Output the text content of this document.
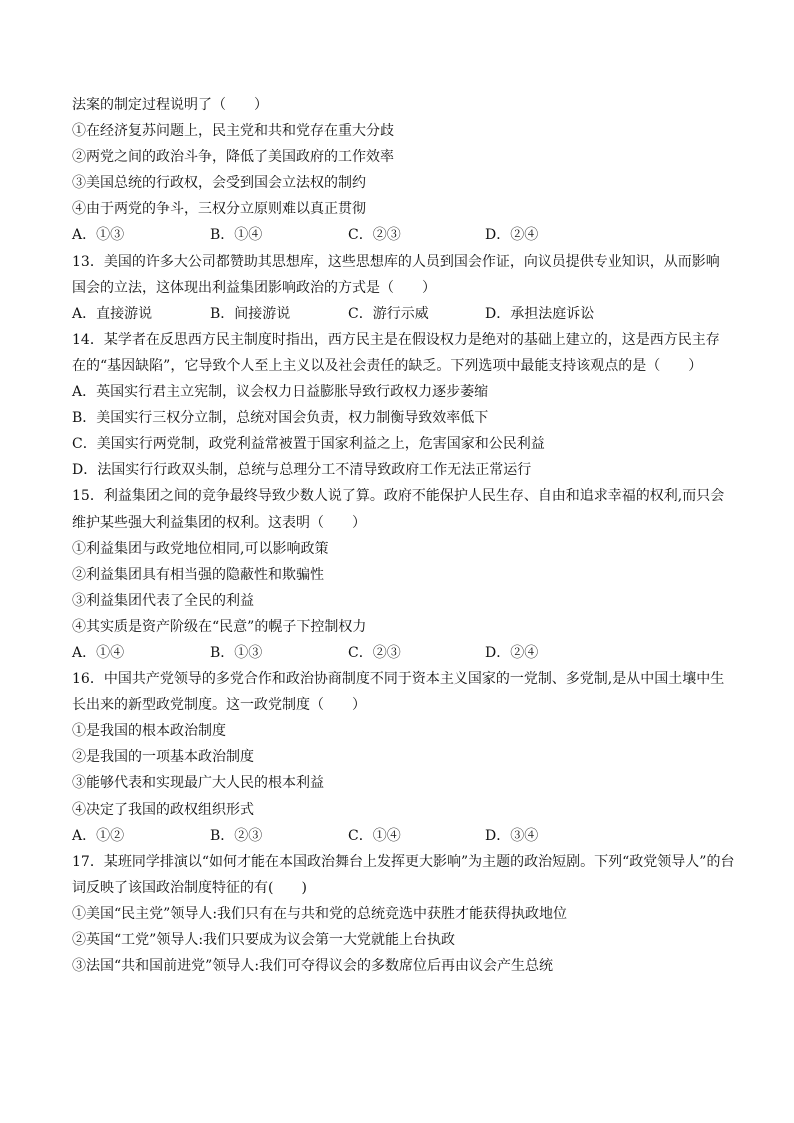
法案的制定过程说明了（　　）
①在经济复苏问题上，民主党和共和党存在重大分歧
②两党之间的政治斗争，降低了美国政府的工作效率
③美国总统的行政权，会受到国会立法权的制约
④由于两党的争斗，三权分立原则难以真正贯彻
A．①③	B．①④	C．②③	D．②④
13．美国的许多大公司都赞助其思想库，这些思想库的人员到国会作证，向议员提供专业知识，从而影响
国会的立法，这体现出利益集团影响政治的方式是（　　）
A．直接游说	B．间接游说	C．游行示威	D．承担法庭诉讼
14．某学者在反思西方民主制度时指出，西方民主是在假设权力是绝对的基础上建立的，这是西方民主存
在的“基因缺陷”，它导致个人至上主义以及社会责任的缺乏。下列选项中最能支持该观点的是（　　）
A．英国实行君主立宪制，议会权力日益膨胀导致行政权力逐步萎缩
B．美国实行三权分立制，总统对国会负责，权力制衡导致效率低下
C．美国实行两党制，政党利益常被置于国家利益之上，危害国家和公民利益
D．法国实行行政双头制，总统与总理分工不清导致政府工作无法正常运行
15．利益集团之间的竞争最终导致少数人说了算。政府不能保护人民生存、自由和追求幸福的权利,而只会
维护某些强大利益集团的权利。这表明（　　）
①利益集团与政党地位相同,可以影响政策
②利益集团具有相当强的隐蔽性和欺骗性
③利益集团代表了全民的利益
④其实质是资产阶级在“民意”的幌子下控制权力
A．①④	B．①③	C．②③	D．②④
16．中国共产党领导的多党合作和政治协商制度不同于资本主义国家的一党制、多党制,是从中国土壤中生
长出来的新型政党制度。这一政党制度（　　）
①是我国的根本政治制度
②是我国的一项基本政治制度
③能够代表和实现最广大人民的根本利益
④决定了我国的政权组织形式
A．①②	B．②③	C．①④	D．③④
17．某班同学排演以“如何才能在本国政治舞台上发挥更大影响”为主题的政治短剧。下列“政党领导人”的台
词反映了该国政治制度特征的有(　　)
①美国“民主党”领导人:我们只有在与共和党的总统竞选中获胜才能获得执政地位
②英国“工党”领导人:我们只要成为议会第一大党就能上台执政
③法国“共和国前进党”领导人:我们可夺得议会的多数席位后再由议会产生总统
